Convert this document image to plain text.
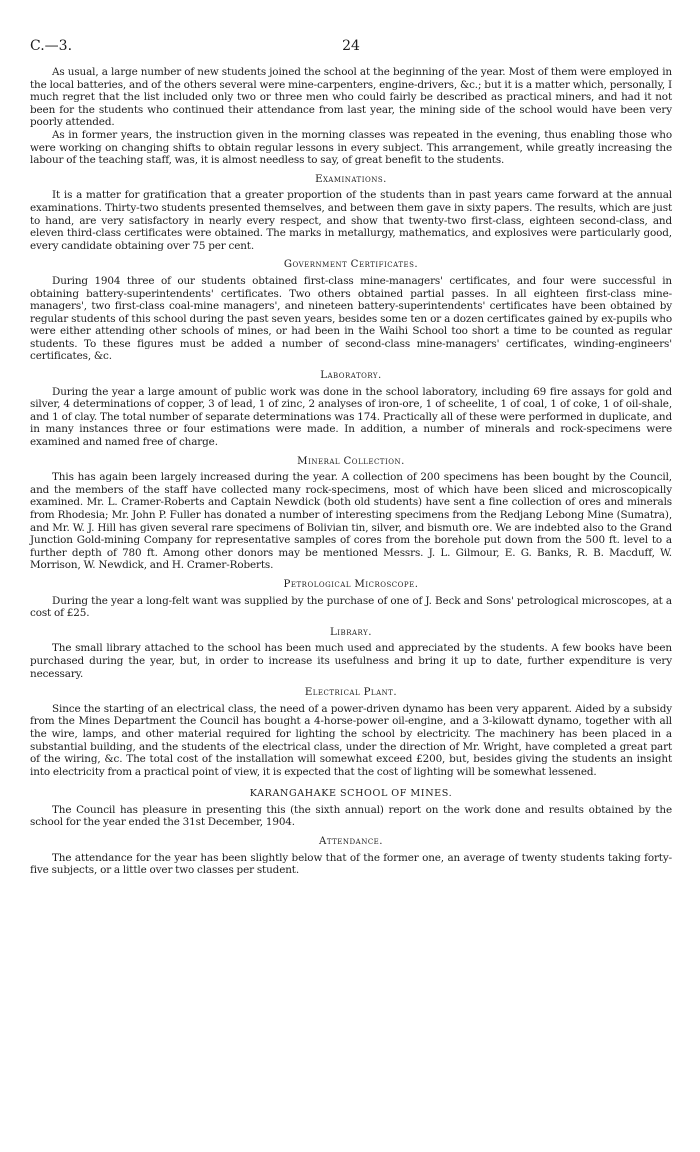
C.—3.	24

As usual, a large number of new students joined the school at the beginning of the year. Most of them were employed in the local batteries, and of the others several were mine-carpenters, engine-drivers, &c.; but it is a matter which, personally, I much regret that the list included only two or three men who could fairly be described as practical miners, and had it not been for the students who continued their attendance from last year, the mining side of the school would have been very poorly attended.

As in former years, the instruction given in the morning classes was repeated in the evening, thus enabling those who were working on changing shifts to obtain regular lessons in every subject. This arrangement, while greatly increasing the labour of the teaching staff, was, it is almost needless to say, of great benefit to the students.

Examinations.

It is a matter for gratification that a greater proportion of the students than in past years came forward at the annual examinations. Thirty-two students presented themselves, and between them gave in sixty papers. The results, which are just to hand, are very satisfactory in nearly every respect, and show that twenty-two first-class, eighteen second-class, and eleven third-class certificates were obtained. The marks in metallurgy, mathematics, and explosives were particularly good, every candidate obtaining over 75 per cent.

Government Certificates.

During 1904 three of our students obtained first-class mine-managers' certificates, and four were successful in obtaining battery-superintendents' certificates. Two others obtained partial passes. In all eighteen first-class mine-managers', two first-class coal-mine managers', and nineteen battery-superintendents' certificates have been obtained by regular students of this school during the past seven years, besides some ten or a dozen certificates gained by ex-pupils who were either attending other schools of mines, or had been in the Waihi School too short a time to be counted as regular students. To these figures must be added a number of second-class mine-managers' certificates, winding-engineers' certificates, &c.

Laboratory.

During the year a large amount of public work was done in the school laboratory, including 69 fire assays for gold and silver, 4 determinations of copper, 3 of lead, 1 of zinc, 2 analyses of iron-ore, 1 of scheelite, 1 of coal, 1 of coke, 1 of oil-shale, and 1 of clay. The total number of separate determinations was 174. Practically all of these were performed in duplicate, and in many instances three or four estimations were made. In addition, a number of minerals and rock-specimens were examined and named free of charge.

Mineral Collection.

This has again been largely increased during the year. A collection of 200 specimens has been bought by the Council, and the members of the staff have collected many rock-specimens, most of which have been sliced and microscopically examined. Mr. L. Cramer-Roberts and Captain Newdick (both old students) have sent a fine collection of ores and minerals from Rhodesia; Mr. John P. Fuller has donated a number of interesting specimens from the Redjang Lebong Mine (Sumatra), and Mr. W. J. Hill has given several rare specimens of Bolivian tin, silver, and bismuth ore. We are indebted also to the Grand Junction Gold-mining Company for representative samples of cores from the borehole put down from the 500 ft. level to a further depth of 780 ft. Among other donors may be mentioned Messrs. J. L. Gilmour, E. G. Banks, R. B. Macduff, W. Morrison, W. Newdick, and H. Cramer-Roberts.

Petrological Microscope.

During the year a long-felt want was supplied by the purchase of one of J. Beck and Sons' petrological microscopes, at a cost of £25.

Library.

The small library attached to the school has been much used and appreciated by the students. A few books have been purchased during the year, but, in order to increase its usefulness and bring it up to date, further expenditure is very necessary.

Electrical Plant.

Since the starting of an electrical class, the need of a power-driven dynamo has been very apparent. Aided by a subsidy from the Mines Department the Council has bought a 4-horse-power oil-engine, and a 3-kilowatt dynamo, together with all the wire, lamps, and other material required for lighting the school by electricity. The machinery has been placed in a substantial building, and the students of the electrical class, under the direction of Mr. Wright, have completed a great part of the wiring, &c. The total cost of the installation will somewhat exceed £200, but, besides giving the students an insight into electricity from a practical point of view, it is expected that the cost of lighting will be somewhat lessened.

KARANGAHAKE SCHOOL OF MINES.

The Council has pleasure in presenting this (the sixth annual) report on the work done and results obtained by the school for the year ended the 31st December, 1904.

Attendance.

The attendance for the year has been slightly below that of the former one, an average of twenty students taking forty-five subjects, or a little over two classes per student.
